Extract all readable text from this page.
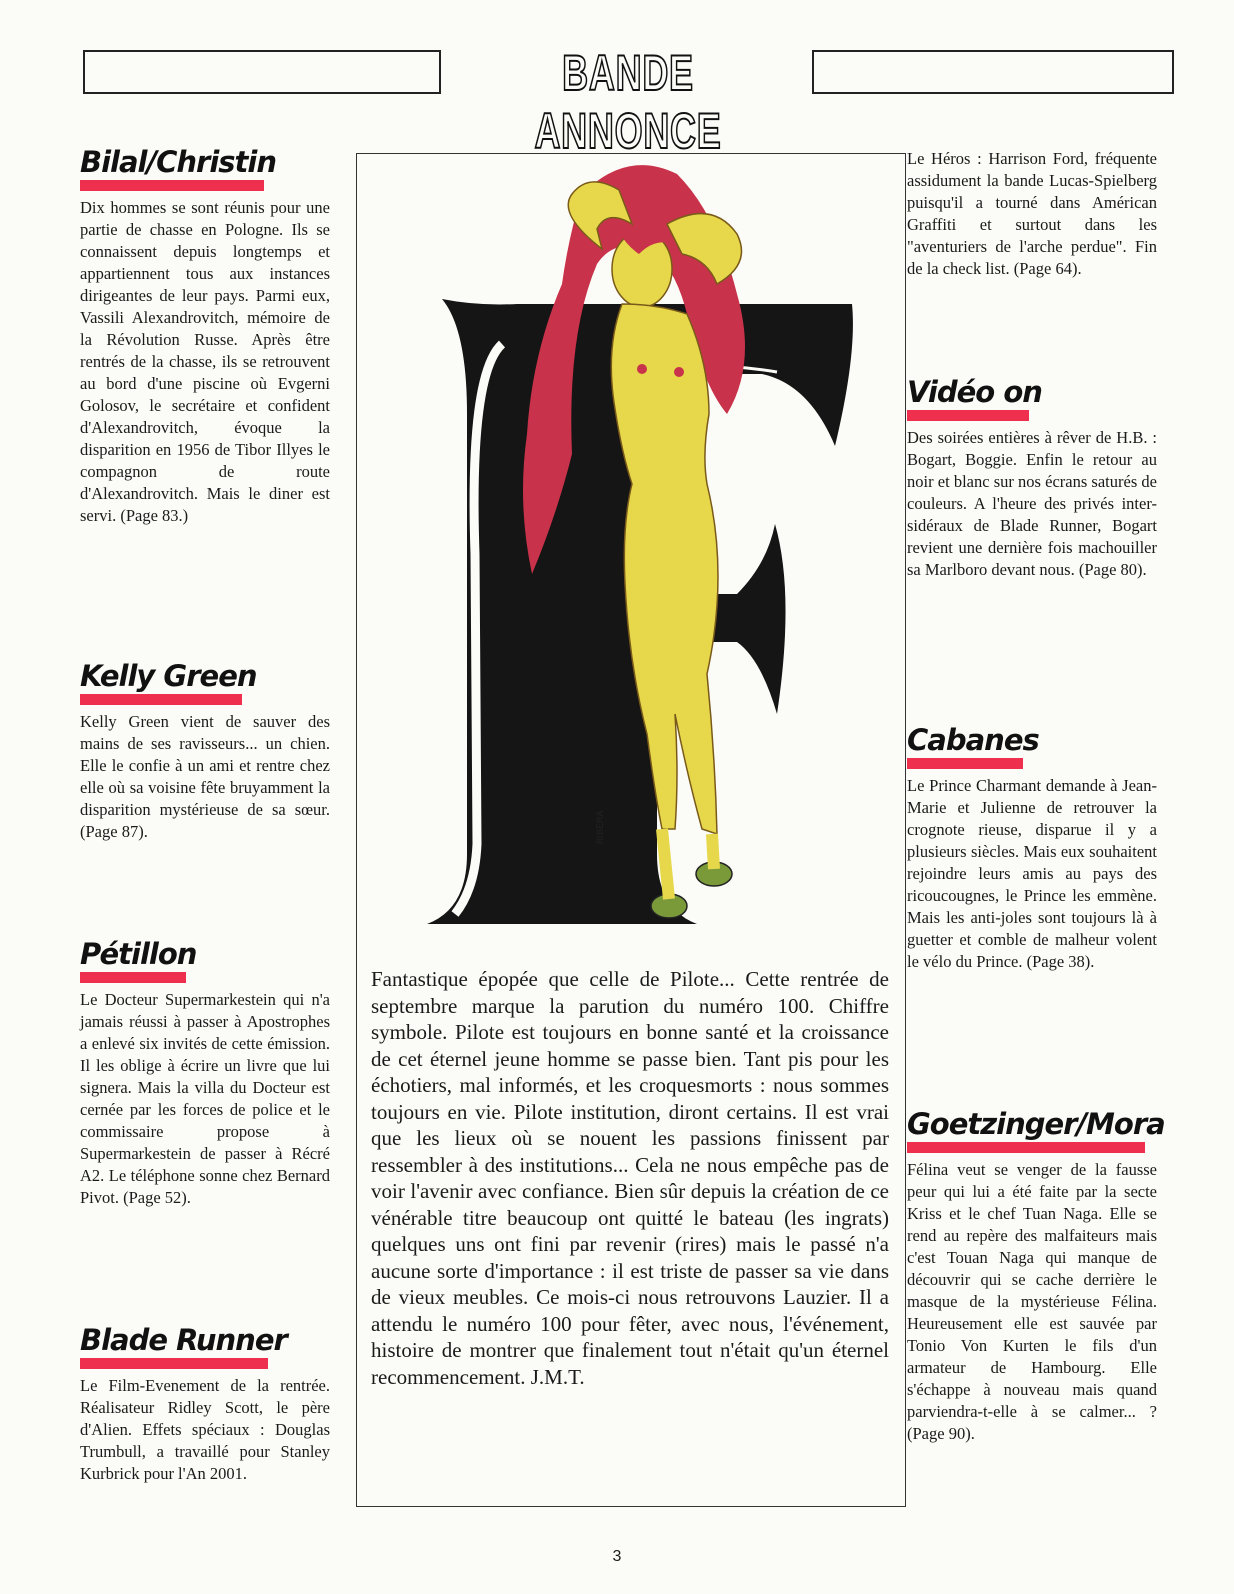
BANDE ANNONCE
Bilal/Christin

Dix hommes se sont réunis pour une partie de chasse en Pologne. Ils se connaissent depuis longtemps et appartiennent tous aux instances dirigeantes de leur pays. Parmi eux, Vassili Alexandrovitch, mémoire de la Révolution Russe. Après être rentrés de la chasse, ils se retrouvent au bord d'une piscine où Evgerni Golosov, le secrétaire et confident d'Alexandrovitch, évoque la disparition en 1956 de Tibor Illyes le compagnon de route d'Alexandrovitch. Mais le diner est servi. (Page 83.)

Kelly Green

Kelly Green vient de sauver des mains de ses ravisseurs... un chien. Elle le confie à un ami et rentre chez elle où sa voisine fête bruyamment la disparition mystérieuse de sa sœur. (Page 87).

Pétillon

Le Docteur Supermarkestein qui n'a jamais réussi à passer à Apostrophes a enlevé six invités de cette émission. Il les oblige à écrire un livre que lui signera. Mais la villa du Docteur est cernée par les forces de police et le commissaire propose à Supermarkestein de passer à Récré A2. Le téléphone sonne chez Bernard Pivot. (Page 52).

Blade Runner

Le Film-Evenement de la rentrée. Réalisateur Ridley Scott, le père d'Alien. Effets spéciaux : Douglas Trumbull, a travaillé pour Stanley Kurbrick pour l'An 2001.

RIBERA

Fantastique épopée que celle de Pilote... Cette rentrée de septembre marque la parution du numéro 100. Chiffre symbole. Pilote est toujours en bonne santé et la croissance de cet éternel jeune homme se passe bien. Tant pis pour les échotiers, mal informés, et les croquesmorts : nous sommes toujours en vie. Pilote institution, diront certains. Il est vrai que les lieux où se nouent les passions finissent par ressembler à des institutions... Cela ne nous empêche pas de voir l'avenir avec confiance. Bien sûr depuis la création de ce vénérable titre beaucoup ont quitté le bateau (les ingrats) quelques uns ont fini par revenir (rires) mais le passé n'a aucune sorte d'importance : il est triste de passer sa vie dans de vieux meubles. Ce mois-ci nous retrouvons Lauzier. Il a attendu le numéro 100 pour fêter, avec nous, l'événement, histoire de montrer que finalement tout n'était qu'un éternel recommencement. J.M.T.

Le Héros : Harrison Ford, fréquente assidument la bande Lucas-Spielberg puisqu'il a tourné dans Américan Graffiti et surtout dans les "aventuriers de l'arche perdue". Fin de la check list. (Page 64).

Vidéo on

Des soirées entières à rêver de H.B. : Bogart, Boggie. Enfin le retour au noir et blanc sur nos écrans saturés de couleurs. A l'heure des privés inter-sidéraux de Blade Runner, Bogart revient une dernière fois machouiller sa Marlboro devant nous. (Page 80).

Cabanes

Le Prince Charmant demande à Jean-Marie et Julienne de retrouver la crognote rieuse, disparue il y a plusieurs siècles. Mais eux souhaitent rejoindre leurs amis au pays des ricoucougnes, le Prince les emmène. Mais les anti-joles sont toujours là à guetter et comble de malheur volent le vélo du Prince. (Page 38).

Goetzinger/Mora

Félina veut se venger de la fausse peur qui lui a été faite par la secte Kriss et le chef Tuan Naga. Elle se rend au repère des malfaiteurs mais c'est Touan Naga qui manque de découvrir qui se cache derrière le masque de la mystérieuse Félina. Heureusement elle est sauvée par Tonio Von Kurten le fils d'un armateur de Hambourg. Elle s'échappe à nouveau mais quand parviendra-t-elle à se calmer... ? (Page 90).

3
